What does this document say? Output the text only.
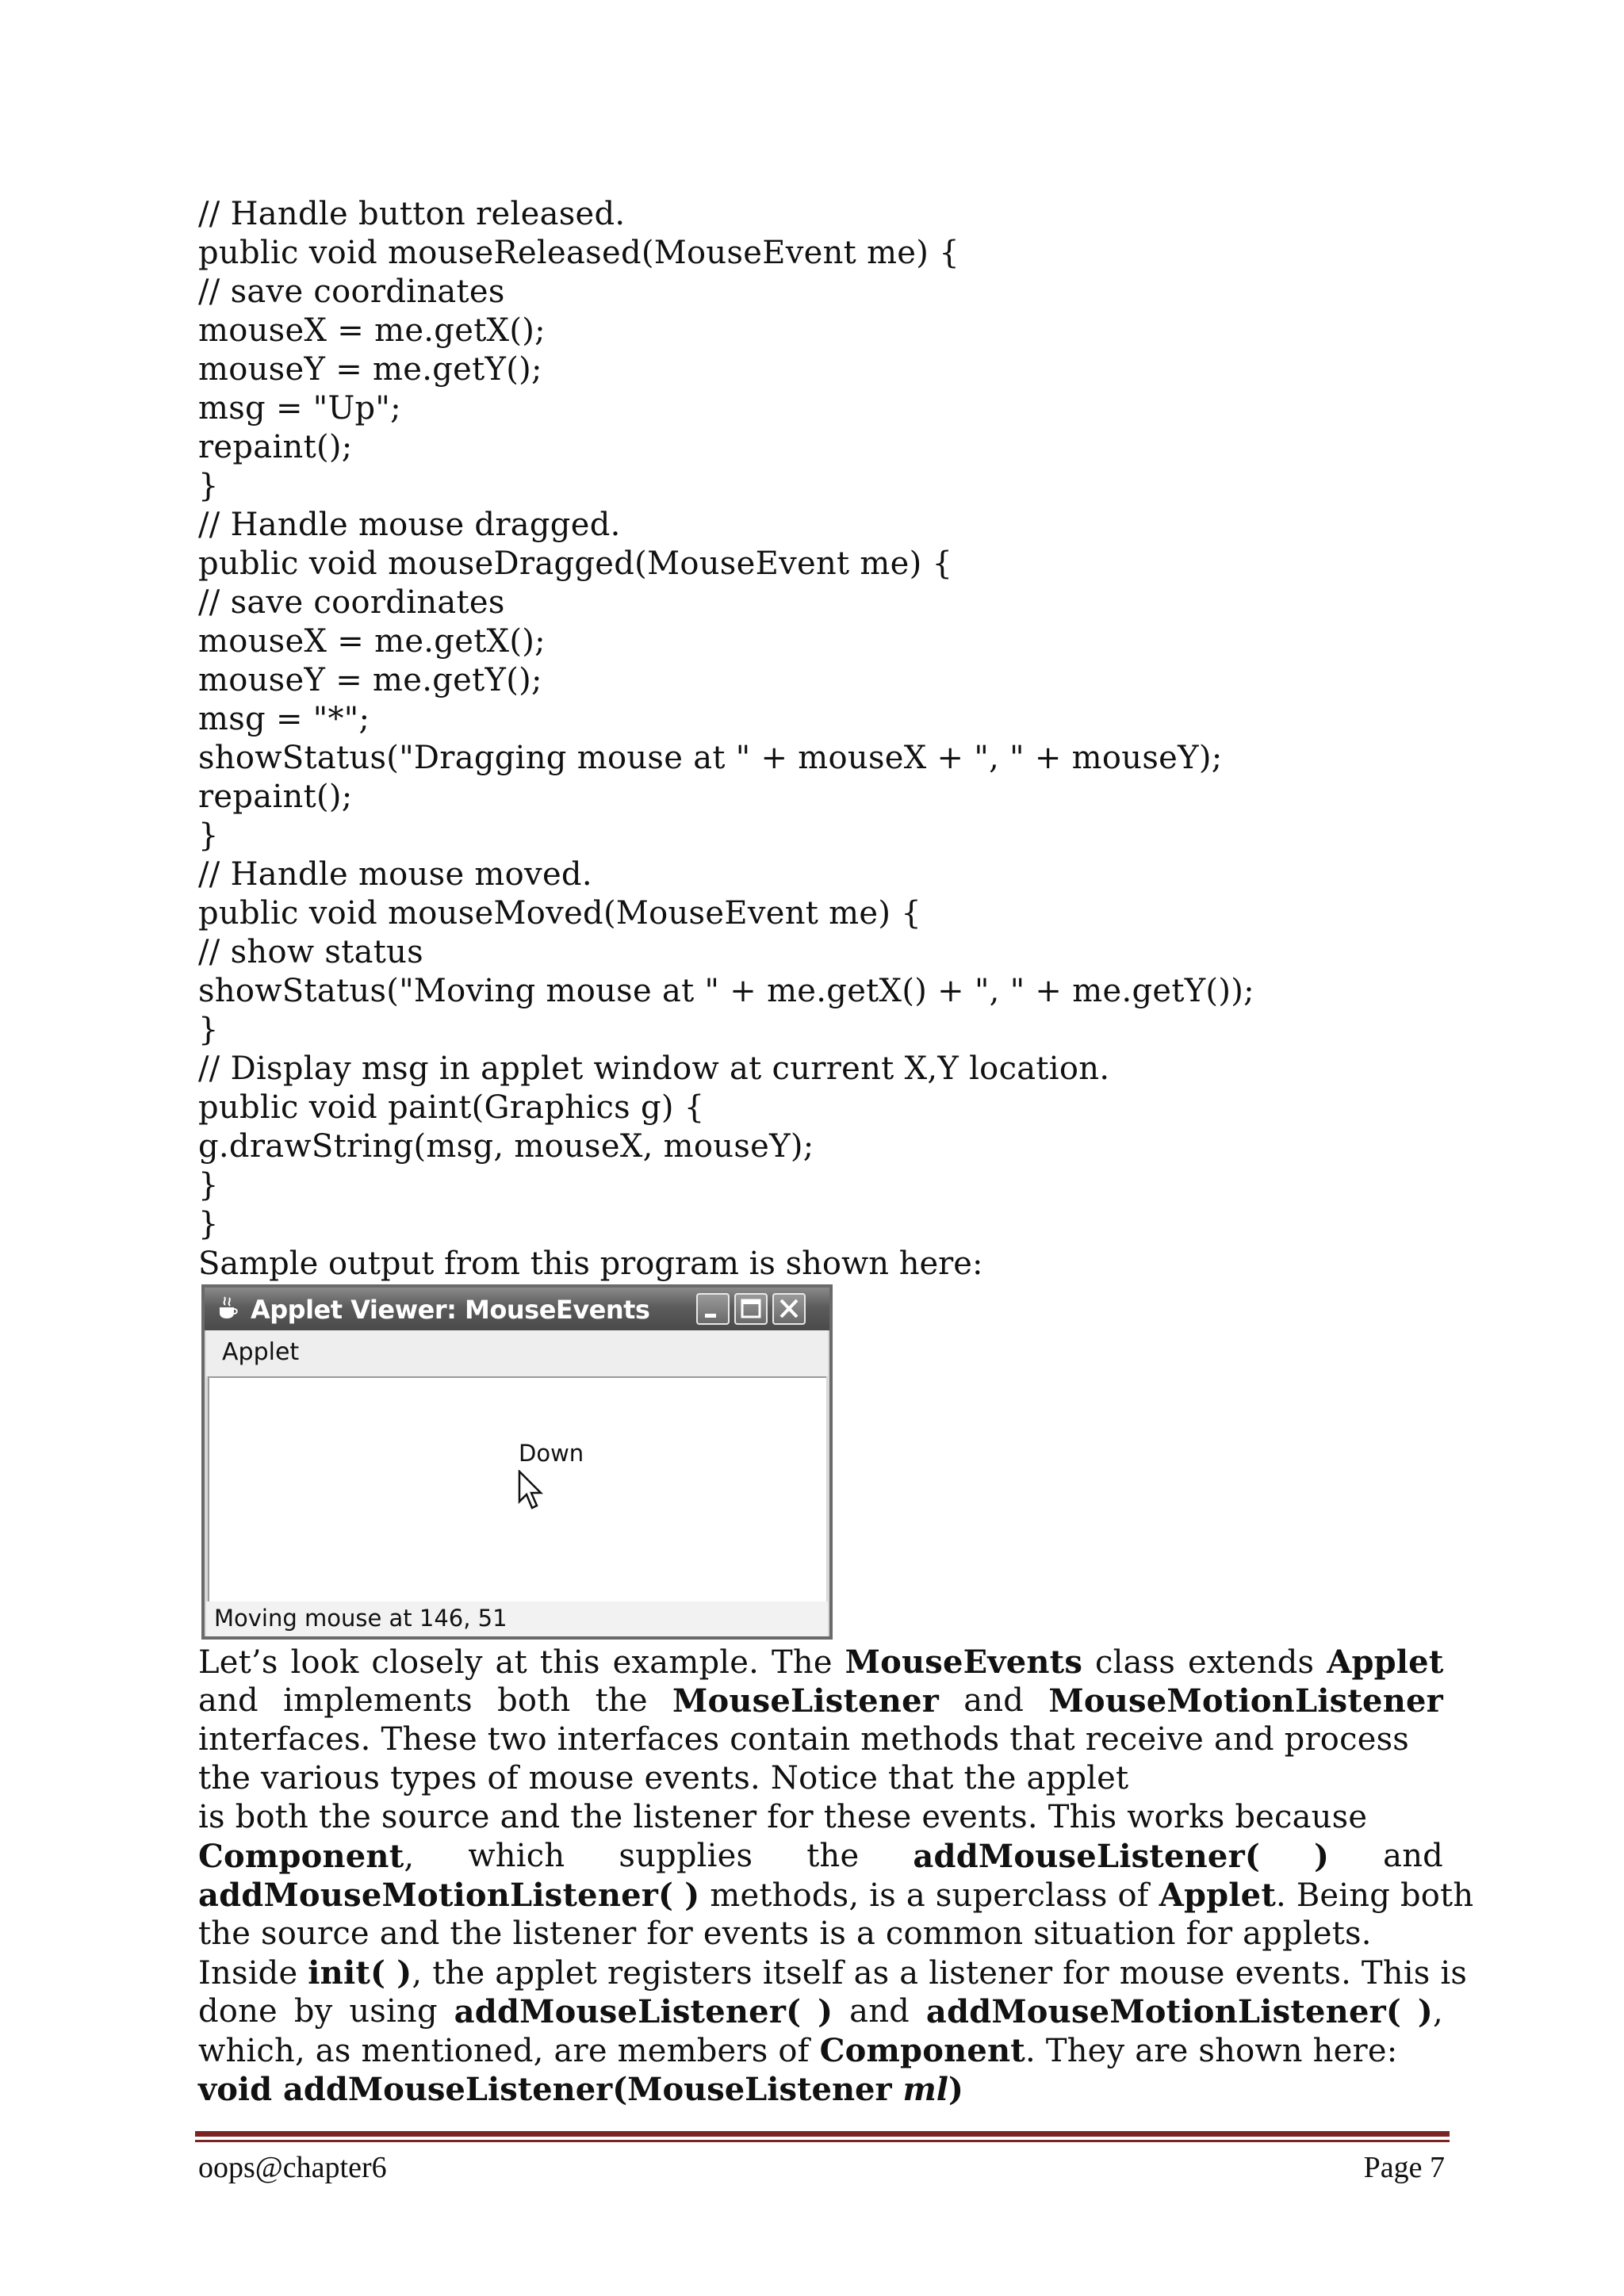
// Handle button released.
public void mouseReleased(MouseEvent me) {
// save coordinates
mouseX = me.getX();
mouseY = me.getY();
msg = "Up";
repaint();
}
// Handle mouse dragged.
public void mouseDragged(MouseEvent me) {
// save coordinates
mouseX = me.getX();
mouseY = me.getY();
msg = "*";
showStatus("Dragging mouse at " + mouseX + ", " + mouseY);
repaint();
}
// Handle mouse moved.
public void mouseMoved(MouseEvent me) {
// show status
showStatus("Moving mouse at " + me.getX() + ", " + me.getY());
}
// Display msg in applet window at current X,Y location.
public void paint(Graphics g) {
g.drawString(msg, mouseX, mouseY);
}
}
Sample output from this program is shown here:
Applet Viewer: MouseEvents
Applet
Down
Moving mouse at 146, 51
Let’s look closely at this example. The MouseEvents class extends Applet
and implements both the MouseListener and MouseMotionListener
interfaces. These two interfaces contain methods that receive and process
the various types of mouse events. Notice that the applet
is both the source and the listener for these events. This works because
Component, which supplies the addMouseListener( ) and
addMouseMotionListener( ) methods, is a superclass of Applet. Being both
the source and the listener for events is a common situation for applets.
Inside init( ), the applet registers itself as a listener for mouse events. This is
done by using addMouseListener( ) and addMouseMotionListener( ),
which, as mentioned, are members of Component. They are shown here:
void addMouseListener(MouseListener ml)
oops@chapter6	Page 7
